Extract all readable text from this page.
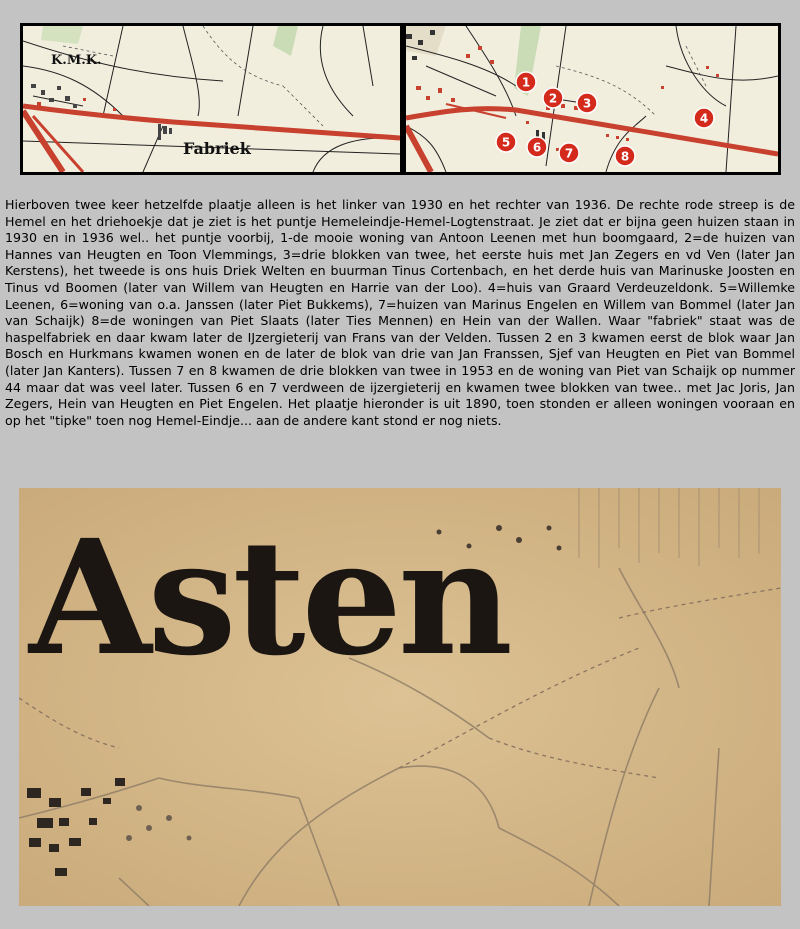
K.M.K.
Fabriek
1
2 3
4
5 6 7	8

Hierboven twee keer hetzelfde plaatje alleen is het linker van 1930 en het rechter van 1936. De rechte rode streep is de Hemel en het driehoekje dat je ziet is het puntje Hemeleindje-Hemel-Logtenstraat. Je ziet dat er bijna geen huizen staan in 1930 en in 1936 wel.. het puntje voorbij, 1-de mooie woning van Antoon Leenen met hun boomgaard, 2=de huizen van Hannes van Heugten en Toon Vlemmings, 3=drie blokken van twee, het eerste huis met Jan Zegers en vd Ven (later Jan Kerstens), het tweede is ons huis Driek Welten en buurman Tinus Cortenbach, en het derde huis van Marinuske Joosten en Tinus vd Boomen (later van Willem van Heugten en Harrie van der Loo). 4=huis van Graard Verdeuzeldonk. 5=Willemke Leenen, 6=woning van o.a. Janssen (later Piet Bukkems), 7=huizen van Marinus Engelen en Willem van Bommel (later Jan van Schaijk) 8=de woningen van Piet Slaats (later Ties Mennen) en Hein van der Wallen. Waar "fabriek" staat was de haspelfabriek en daar kwam later de IJzergieterij van Frans van der Velden. Tussen 2 en 3 kwamen eerst de blok waar Jan Bosch en Hurkmans kwamen wonen en de later de blok van drie van Jan Franssen, Sjef van Heugten en Piet van Bommel (later Jan Kanters). Tussen 7 en 8 kwamen de drie blokken van twee in 1953 en de woning van Piet van Schaijk op nummer 44 maar dat was veel later. Tussen 6 en 7 verdween de ijzergieterij en kwamen twee blokken van twee.. met Jac Joris, Jan Zegers, Hein van Heugten en Piet Engelen. Het plaatje hieronder is uit 1890, toen stonden er alleen woningen vooraan en op het "tipke" toen nog Hemel-Eindje... aan de andere kant stond er nog niets.

Asten
